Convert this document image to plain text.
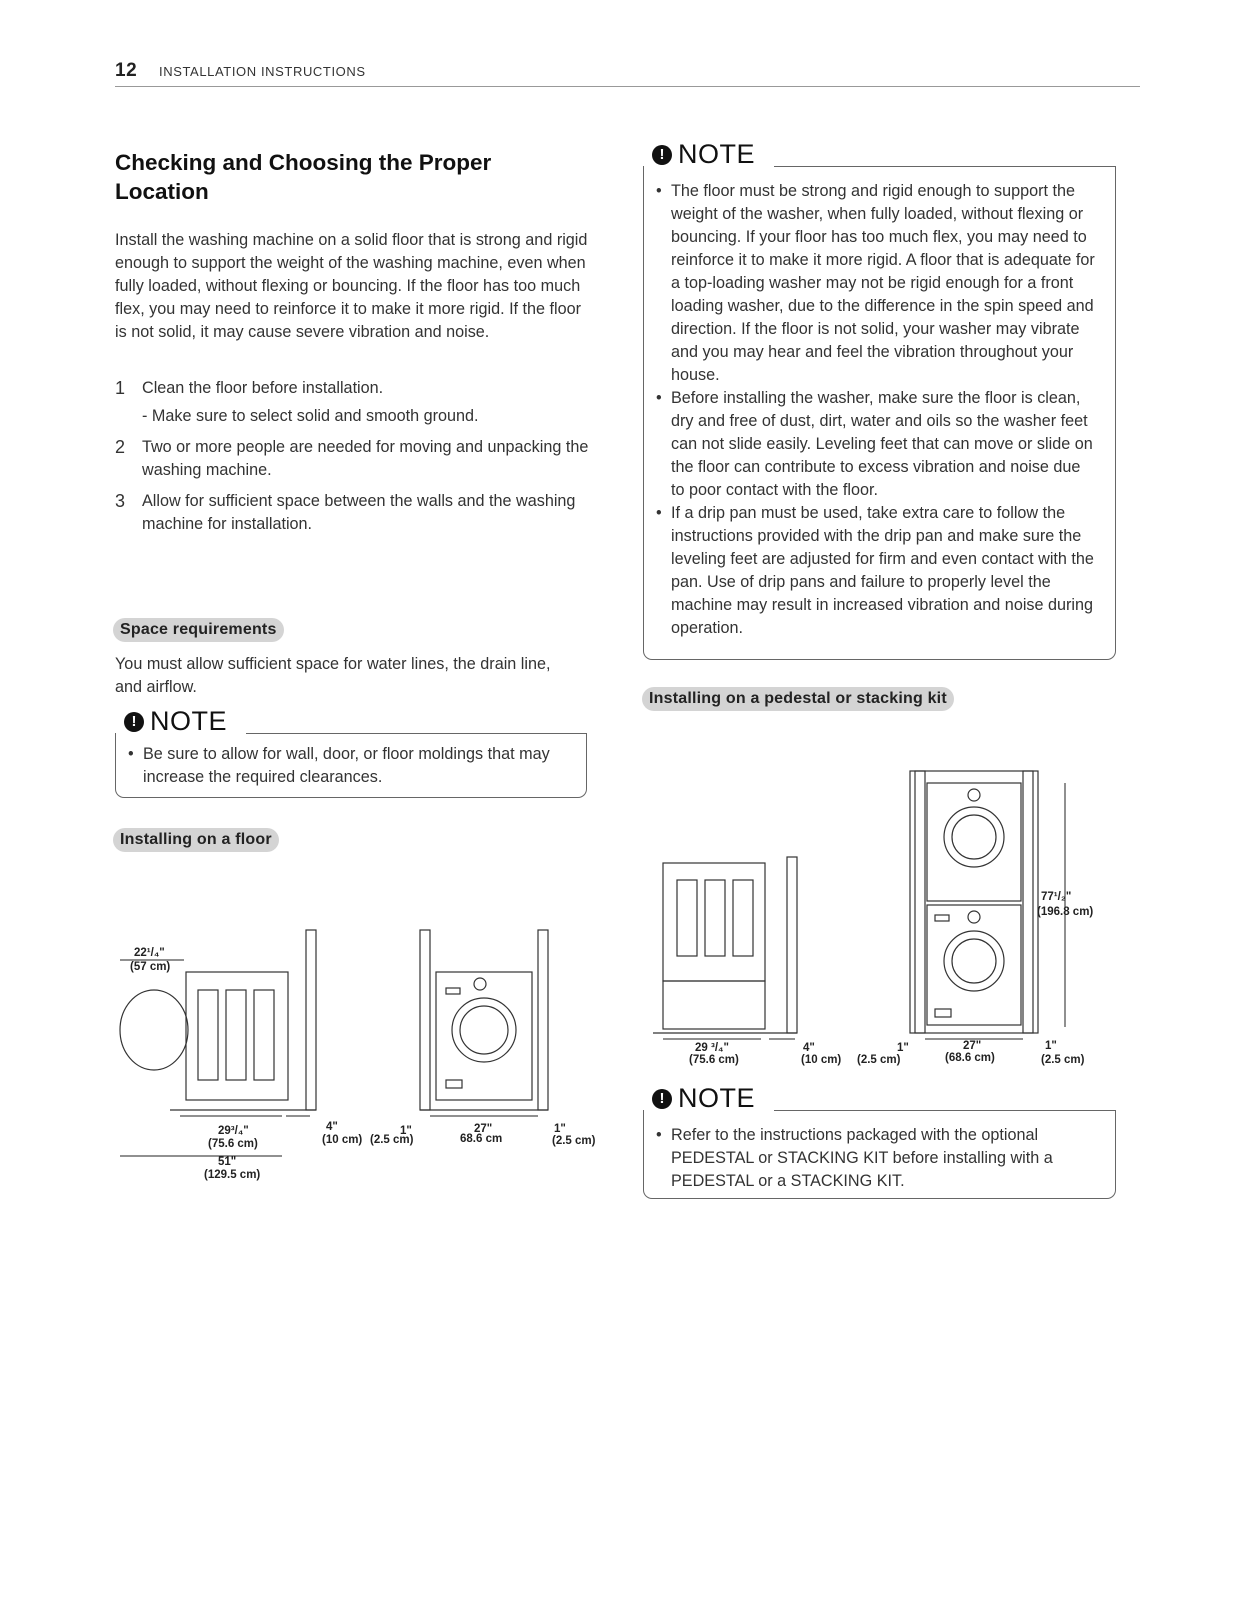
12 INSTALLATION INSTRUCTIONS
Checking and Choosing the Proper
Location

Install the washing machine on a solid floor that is strong and rigid enough to support the weight of the washing machine, even when fully loaded, without flexing or bouncing. If the floor has too much flex, you may need to reinforce it to make it more rigid. If the floor is not solid, it may cause severe vibration and noise.

1 Clean the floor before installation.
- Make sure to select solid and smooth ground.
2 Two or more people are needed for moving and unpacking the washing machine.
3 Allow for sufficient space between the walls and the washing machine for installation.
Space requirements

You must allow sufficient space for water lines, the drain line, and airflow.

! NOTE
• Be sure to allow for wall, door, or floor moldings that may increase the required clearances.
Installing on a floor
22¹/₄"
(57 cm)
29³/₄"
(75.6 cm)
51"
(129.5 cm)
4"
(10 cm)
1"
(2.5 cm)
27"
68.6 cm
1"
(2.5 cm)
! NOTE
• The floor must be strong and rigid enough to support the weight of the washer, when fully loaded, without flexing or bouncing. If your floor has too much flex, you may need to reinforce it to make it more rigid. A floor that is adequate for a top-loading washer may not be rigid enough for a front loading washer, due to the difference in the spin speed and direction. If the floor is not solid, your washer may vibrate and you may hear and feel the vibration throughout your house.
• Before installing the washer, make sure the floor is clean, dry and free of dust, dirt, water and oils so the washer feet can not slide easily. Leveling feet that can move or slide on the floor can contribute to excess vibration and noise due to poor contact with the floor.
• If a drip pan must be used, take extra care to follow the instructions provided with the drip pan and make sure the leveling feet are adjusted for firm and even contact with the pan. Use of drip pans and failure to properly level the machine may result in increased vibration and noise during operation.
Installing on a pedestal or stacking kit
77¹/₂"
(196.8 cm)
29 ³/₄"
(75.6 cm)
4"
(10 cm)
1"
(2.5 cm)
27"
(68.6 cm)
1"
(2.5 cm)
! NOTE
• Refer to the instructions packaged with the optional PEDESTAL or STACKING KIT before installing with a PEDESTAL or a STACKING KIT.
